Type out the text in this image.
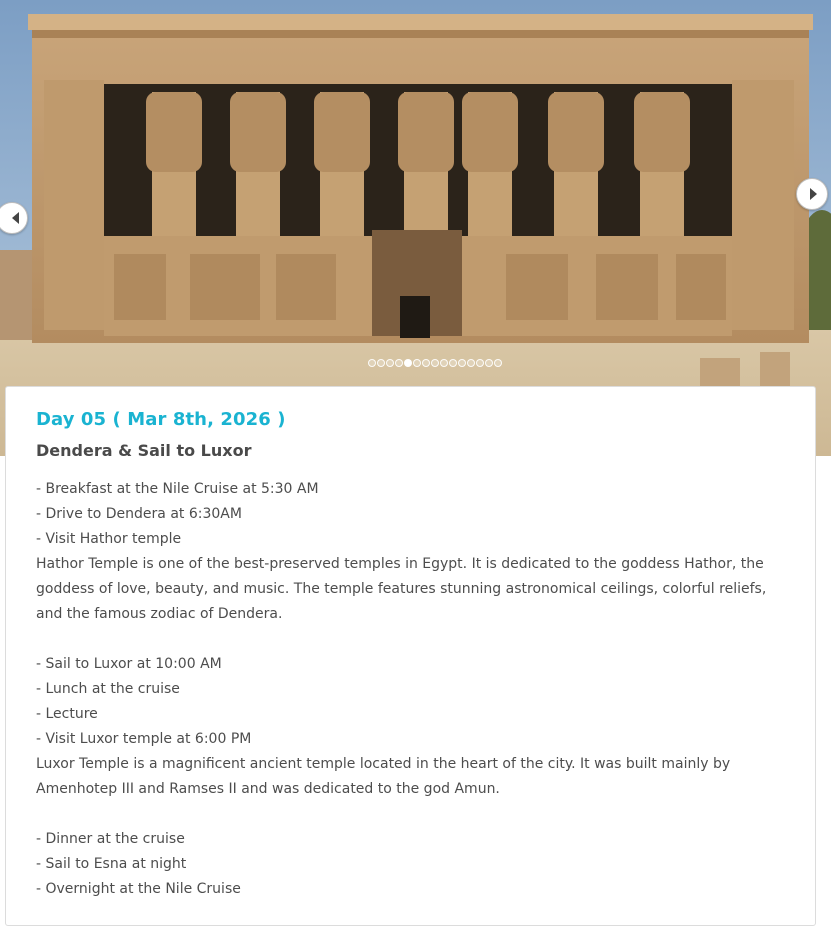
Day 05 ( Mar 8th, 2026 )
Dendera & Sail to Luxor
- Breakfast at the Nile Cruise at 5:30 AM
- Drive to Dendera at 6:30AM
- Visit Hathor temple
Hathor Temple is one of the best-preserved temples in Egypt. It is dedicated to the goddess Hathor, the
goddess of love, beauty, and music. The temple features stunning astronomical ceilings, colorful reliefs,
and the famous zodiac of Dendera.
- Sail to Luxor at 10:00 AM
- Lunch at the cruise
- Lecture
- Visit Luxor temple at 6:00 PM
Luxor Temple is a magnificent ancient temple located in the heart of the city. It was built mainly by
Amenhotep III and Ramses II and was dedicated to the god Amun.
- Dinner at the cruise
- Sail to Esna at night
- Overnight at the Nile Cruise
